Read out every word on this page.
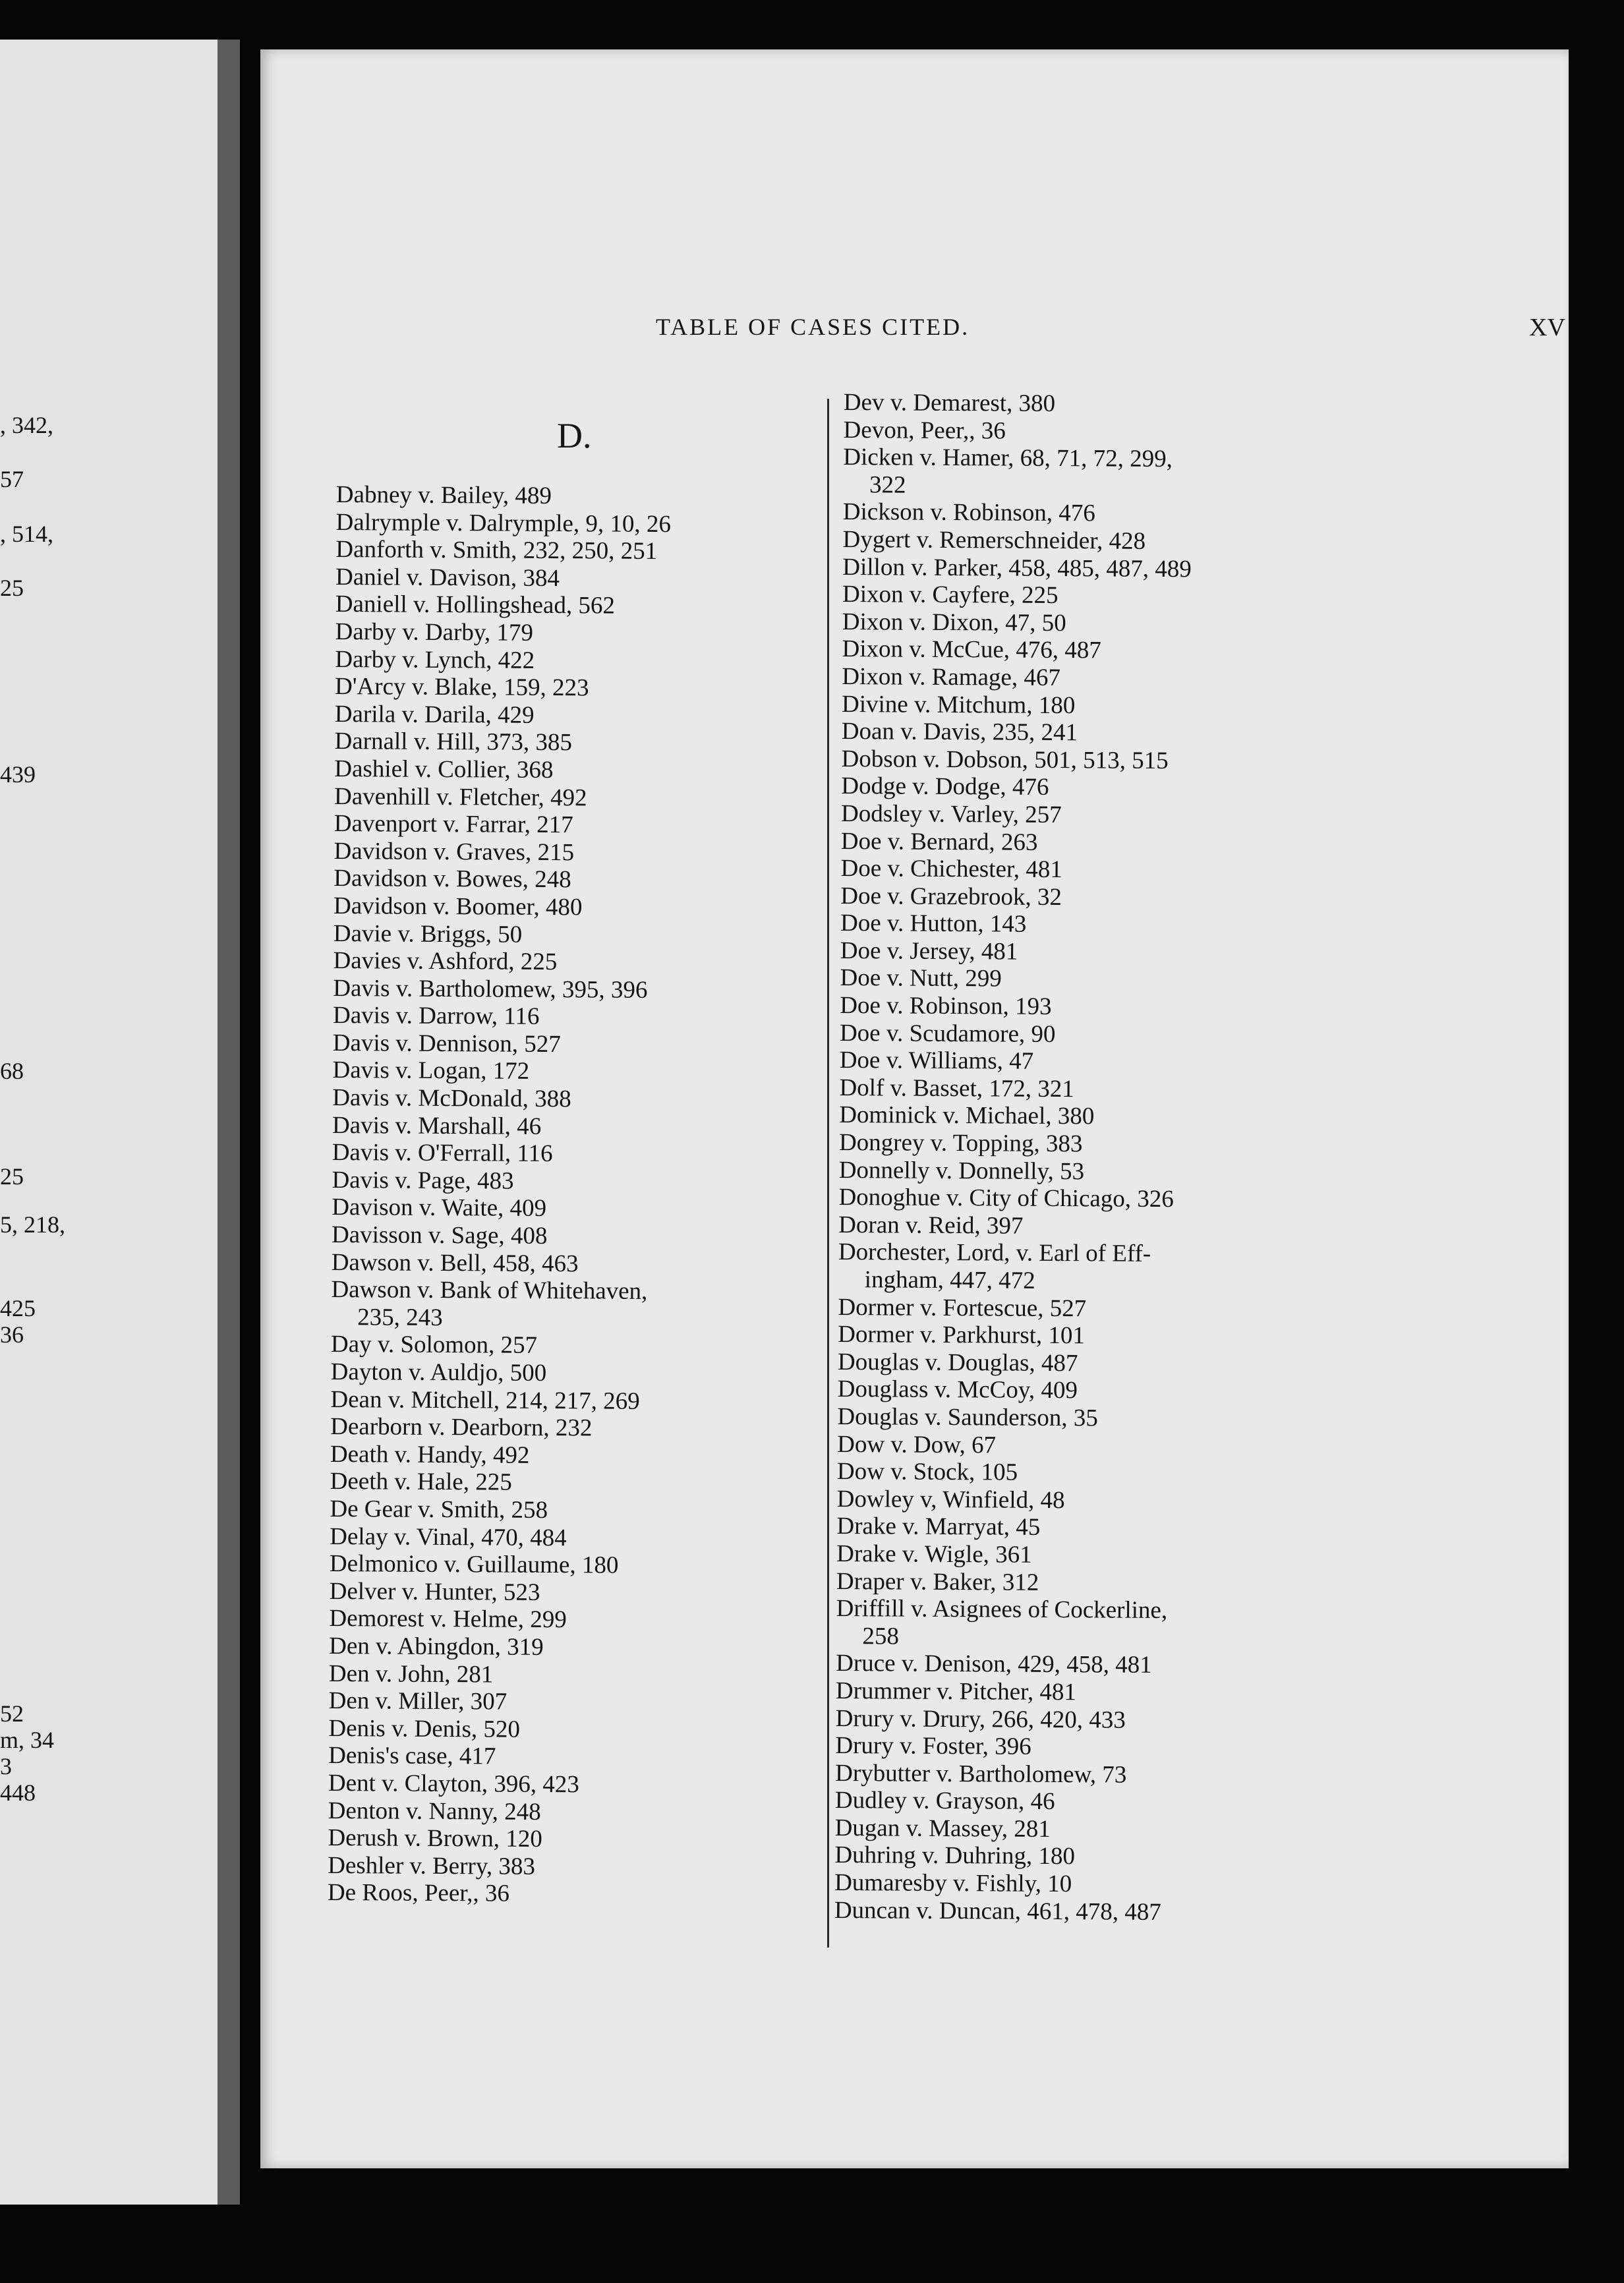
, 342,
57
, 514,
25
439
68
25
5, 218,
425
36
52
m, 34
3
448
TABLE OF CASES CITED.	XV
D.
Dabney v. Bailey, 489
Dalrymple v. Dalrymple, 9, 10, 26
Danforth v. Smith, 232, 250, 251
Daniel v. Davison, 384
Daniell v. Hollingshead, 562
Darby v. Darby, 179
Darby v. Lynch, 422
D'Arcy v. Blake, 159, 223
Darila v. Darila, 429
Darnall v. Hill, 373, 385
Dashiel v. Collier, 368
Davenhill v. Fletcher, 492
Davenport v. Farrar, 217
Davidson v. Graves, 215
Davidson v. Bowes, 248
Davidson v. Boomer, 480
Davie v. Briggs, 50
Davies v. Ashford, 225
Davis v. Bartholomew, 395, 396
Davis v. Darrow, 116
Davis v. Dennison, 527
Davis v. Logan, 172
Davis v. McDonald, 388
Davis v. Marshall, 46
Davis v. O'Ferrall, 116
Davis v. Page, 483
Davison v. Waite, 409
Davisson v. Sage, 408
Dawson v. Bell, 458, 463
Dawson v. Bank of Whitehaven,
235, 243
Day v. Solomon, 257
Dayton v. Auldjo, 500
Dean v. Mitchell, 214, 217, 269
Dearborn v. Dearborn, 232
Death v. Handy, 492
Deeth v. Hale, 225
De Gear v. Smith, 258
Delay v. Vinal, 470, 484
Delmonico v. Guillaume, 180
Delver v. Hunter, 523
Demorest v. Helme, 299
Den v. Abingdon, 319
Den v. John, 281
Den v. Miller, 307
Denis v. Denis, 520
Denis's case, 417
Dent v. Clayton, 396, 423
Denton v. Nanny, 248
Derush v. Brown, 120
Deshler v. Berry, 383
De Roos, Peer,, 36
Dev v. Demarest, 380
Devon, Peer,, 36
Dicken v. Hamer, 68, 71, 72, 299,
322
Dickson v. Robinson, 476
Dygert v. Remerschneider, 428
Dillon v. Parker, 458, 485, 487, 489
Dixon v. Cayfere, 225
Dixon v. Dixon, 47, 50
Dixon v. McCue, 476, 487
Dixon v. Ramage, 467
Divine v. Mitchum, 180
Doan v. Davis, 235, 241
Dobson v. Dobson, 501, 513, 515
Dodge v. Dodge, 476
Dodsley v. Varley, 257
Doe v. Bernard, 263
Doe v. Chichester, 481
Doe v. Grazebrook, 32
Doe v. Hutton, 143
Doe v. Jersey, 481
Doe v. Nutt, 299
Doe v. Robinson, 193
Doe v. Scudamore, 90
Doe v. Williams, 47
Dolf v. Basset, 172, 321
Dominick v. Michael, 380
Dongrey v. Topping, 383
Donnelly v. Donnelly, 53
Donoghue v. City of Chicago, 326
Doran v. Reid, 397
Dorchester, Lord, v. Earl of Eff-
ingham, 447, 472
Dormer v. Fortescue, 527
Dormer v. Parkhurst, 101
Douglas v. Douglas, 487
Douglass v. McCoy, 409
Douglas v. Saunderson, 35
Dow v. Dow, 67
Dow v. Stock, 105
Dowley v, Winfield, 48
Drake v. Marryat, 45
Drake v. Wigle, 361
Draper v. Baker, 312
Driffill v. Asignees of Cockerline,
258
Druce v. Denison, 429, 458, 481
Drummer v. Pitcher, 481
Drury v. Drury, 266, 420, 433
Drury v. Foster, 396
Drybutter v. Bartholomew, 73
Dudley v. Grayson, 46
Dugan v. Massey, 281
Duhring v. Duhring, 180
Dumaresby v. Fishly, 10
Duncan v. Duncan, 461, 478, 487
